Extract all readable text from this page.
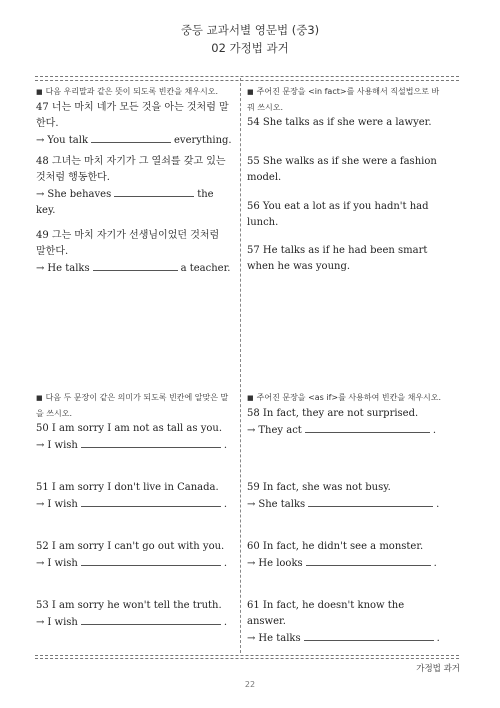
중등 교과서별 영문법 (중3)
02 가정법 과거
■ 다음 우리말과 같은 뜻이 되도록 빈칸을 채우시오.

47 너는 마치 네가 모든 것을 아는 것처럼 말한다.

→ You talk	everything.

48 그녀는 마치 자기가 그 열쇠를 갖고 있는 것처럼 행동한다.

→ She behaves	the key.

49 그는 마치 자기가 선생님이었던 것처럼 말한다.

→ He talks	a teacher.

■ 주어진 문장을 <in fact>를 사용해서 직설법으로 바꿔 쓰시오.

54 She talks as if she were a lawyer.

55 She walks as if she were a fashion model.

56 You eat a lot as if you hadn't had lunch.

57 He talks as if he had been smart when he was young.

■ 다음 두 문장이 같은 의미가 되도록 빈칸에 알맞은 말을 쓰시오.

50 I am sorry I am not as tall as you.

→ I wish	.

51 I am sorry I don't live in Canada.

→ I wish	.

52 I am sorry I can't go out with you.

→ I wish	.

53 I am sorry he won't tell the truth.

→ I wish	.

■ 주어진 문장을 <as if>를 사용하여 빈칸을 채우시오.

58 In fact, they are not surprised.

→ They act	.

59 In fact, she was not busy.

→ She talks	.

60 In fact, he didn't see a monster.

→ He looks	.

61 In fact, he doesn't know the answer.

→ He talks	.

가정법 과거
22
